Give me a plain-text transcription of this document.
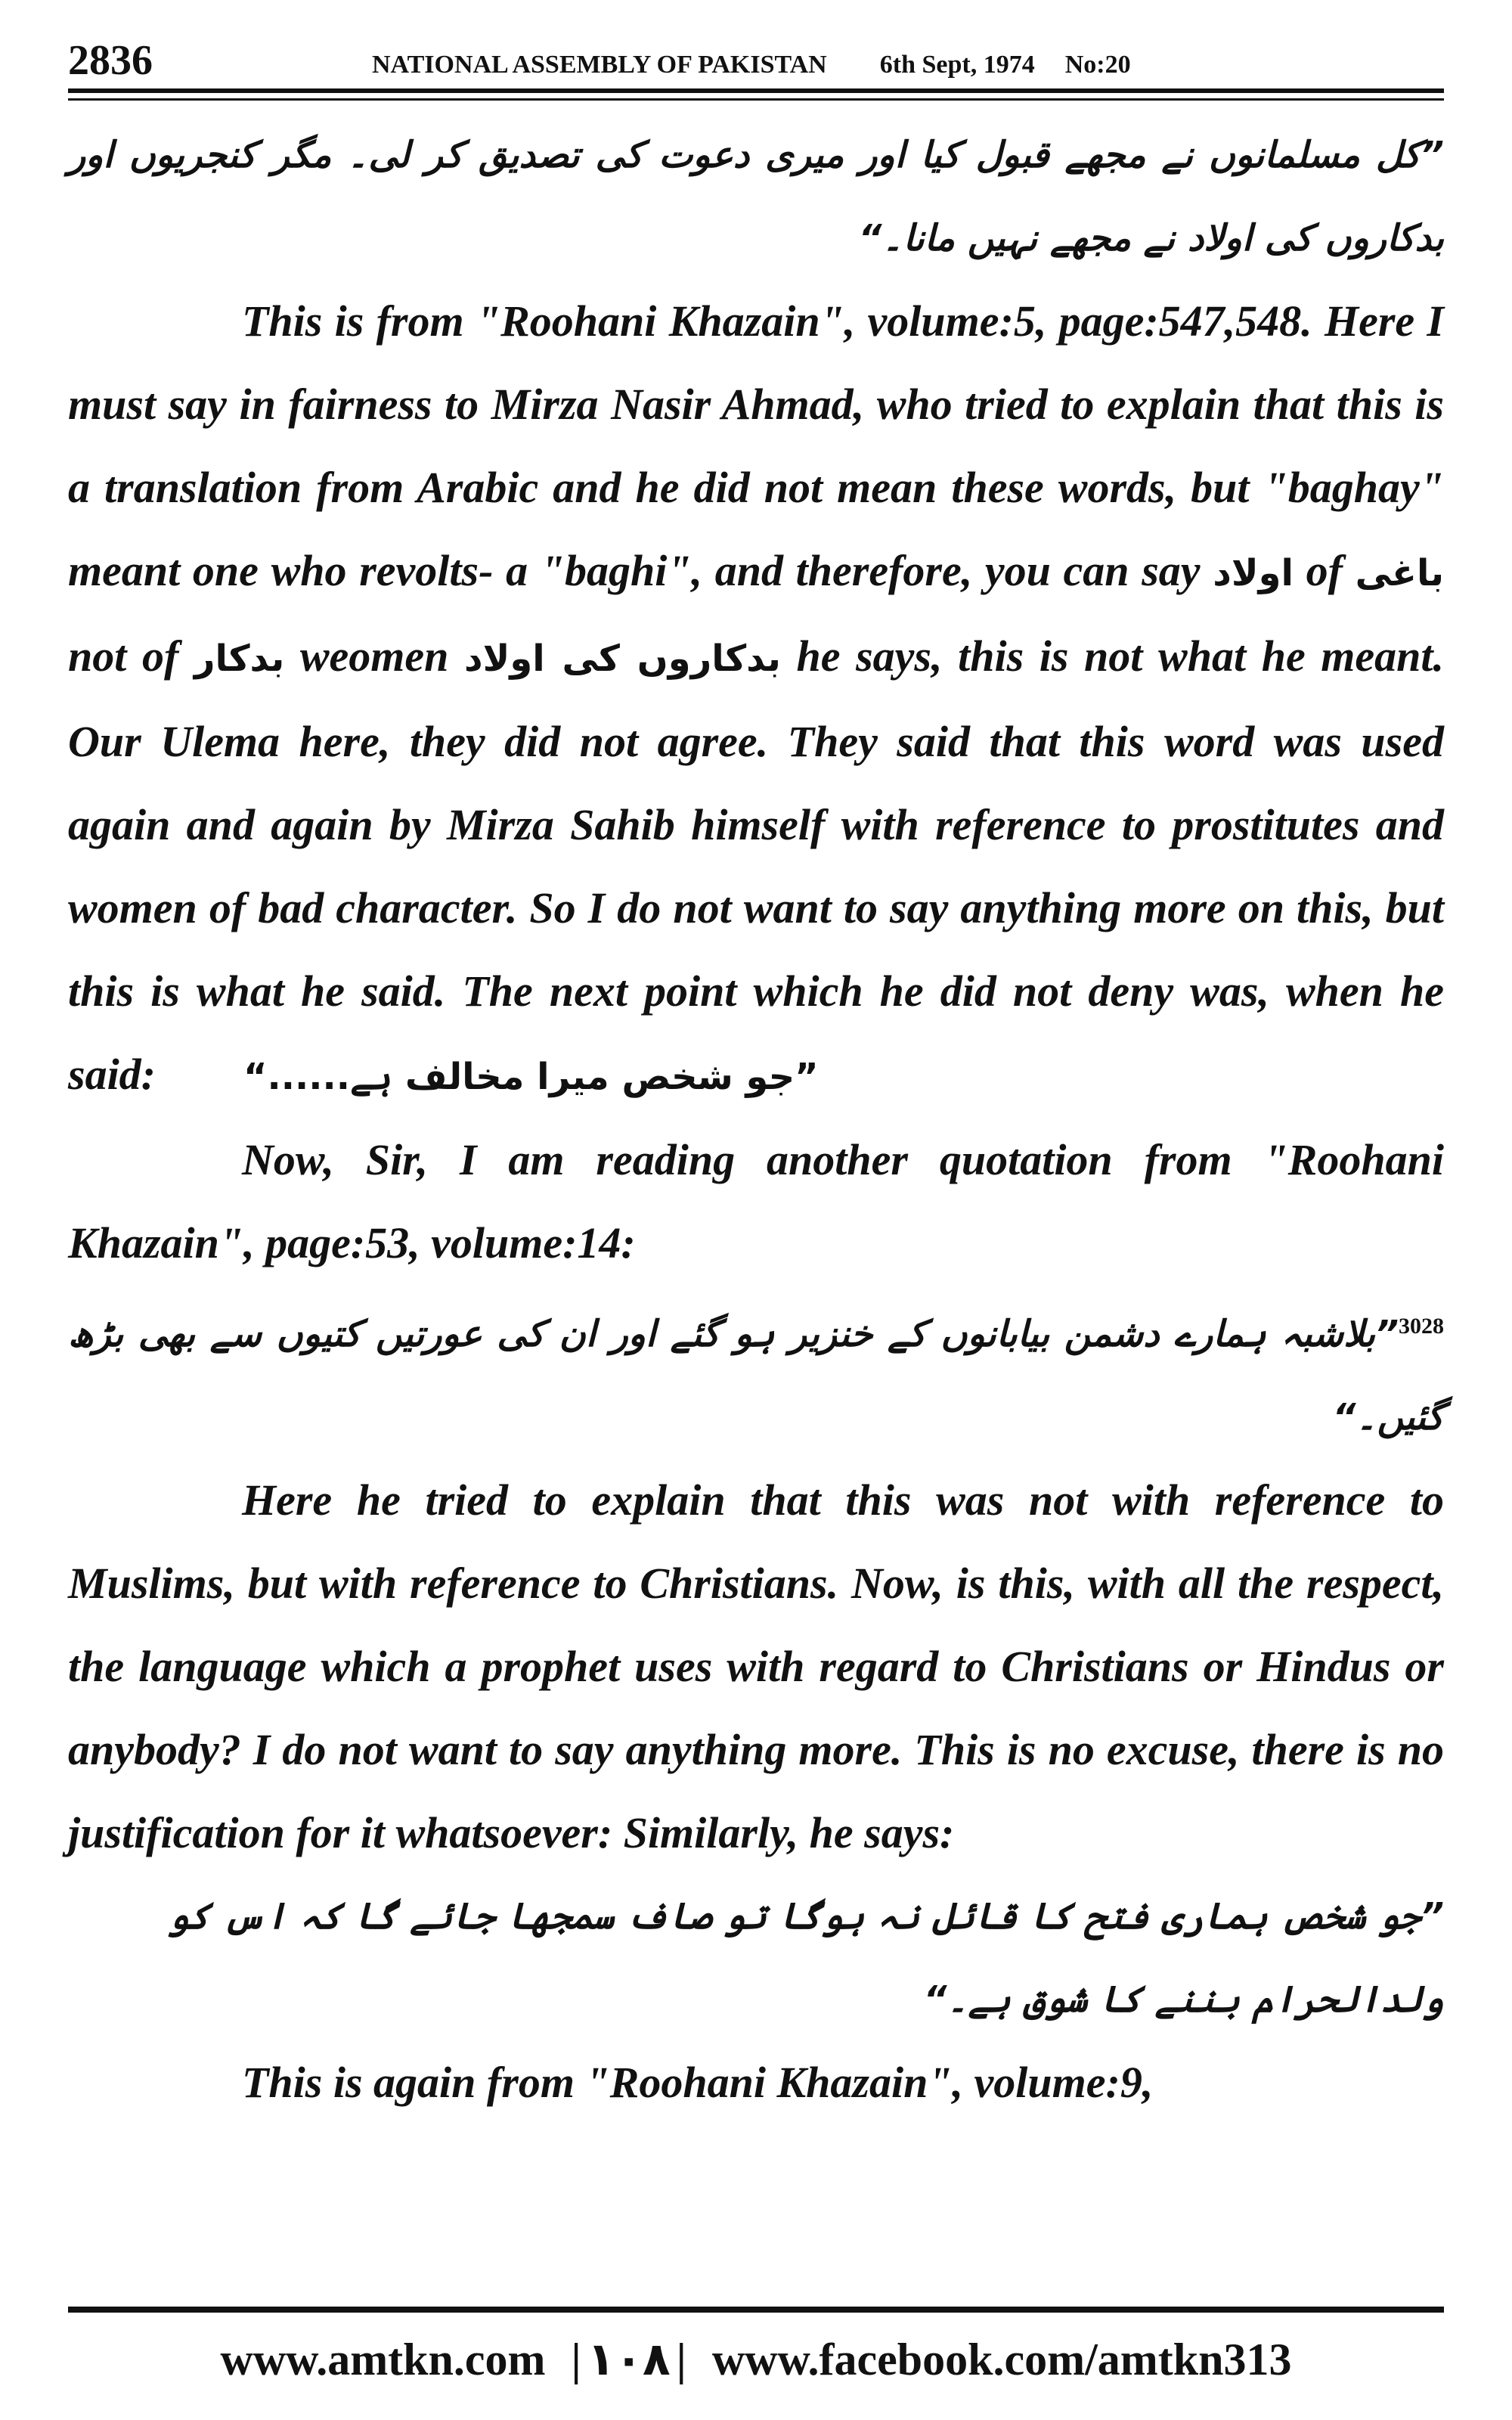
2836	NATIONAL ASSEMBLY OF PAKISTAN 6th Sept, 1974 No:20

”کل مسلمانوں نے مجھے قبول کیا اور میری دعوت کی تصدیق کر لی۔ مگر کنجریوں اور بدکاروں کی اولاد نے مجھے نہیں مانا۔“

This is from "Roohani Khazain", volume:5, page:547,548. Here I must say in fairness to Mirza Nasir Ahmad, who tried to explain that this is a translation from Arabic and he did not mean these words, but "baghay" meant one who revolts- a "baghi", and therefore, you can say اولاد of باغی not of بدکار weomen بدکاروں کی اولاد he says, this is not what he meant. Our Ulema here, they did not agree. They said that this word was used again and again by Mirza Sahib himself with reference to prostitutes and women of bad character. So I do not want to say anything more on this, but this is what he said. The next point which he did not deny was, when he said: ”جو شخص میرا مخالف ہے......“

Now, Sir, I am reading another quotation from "Roohani Khazain", page:53, volume:14:

$^{3028}$”بلاشبہ ہمارے دشمن بیابانوں کے خنزیر ہو گئے اور ان کی عورتیں کتیوں سے بھی بڑھ گئیں۔“

Here he tried to explain that this was not with reference to Muslims, but with reference to Christians. Now, is this, with all the respect, the language which a prophet uses with regard to Christians or Hindus or anybody? I do not want to say anything more. This is no excuse, there is no justification for it whatsoever: Similarly, he says:

”جو شخص ہماری فتح کا قائل نہ ہوگا تو صاف سمجھا جائے گا کہ اس کو ولدالحرام بننے کا شوق ہے۔“

This is again from "Roohani Khazain", volume:9,

www.amtkn.com | ۱۰۸ | www.facebook.com/amtkn313
